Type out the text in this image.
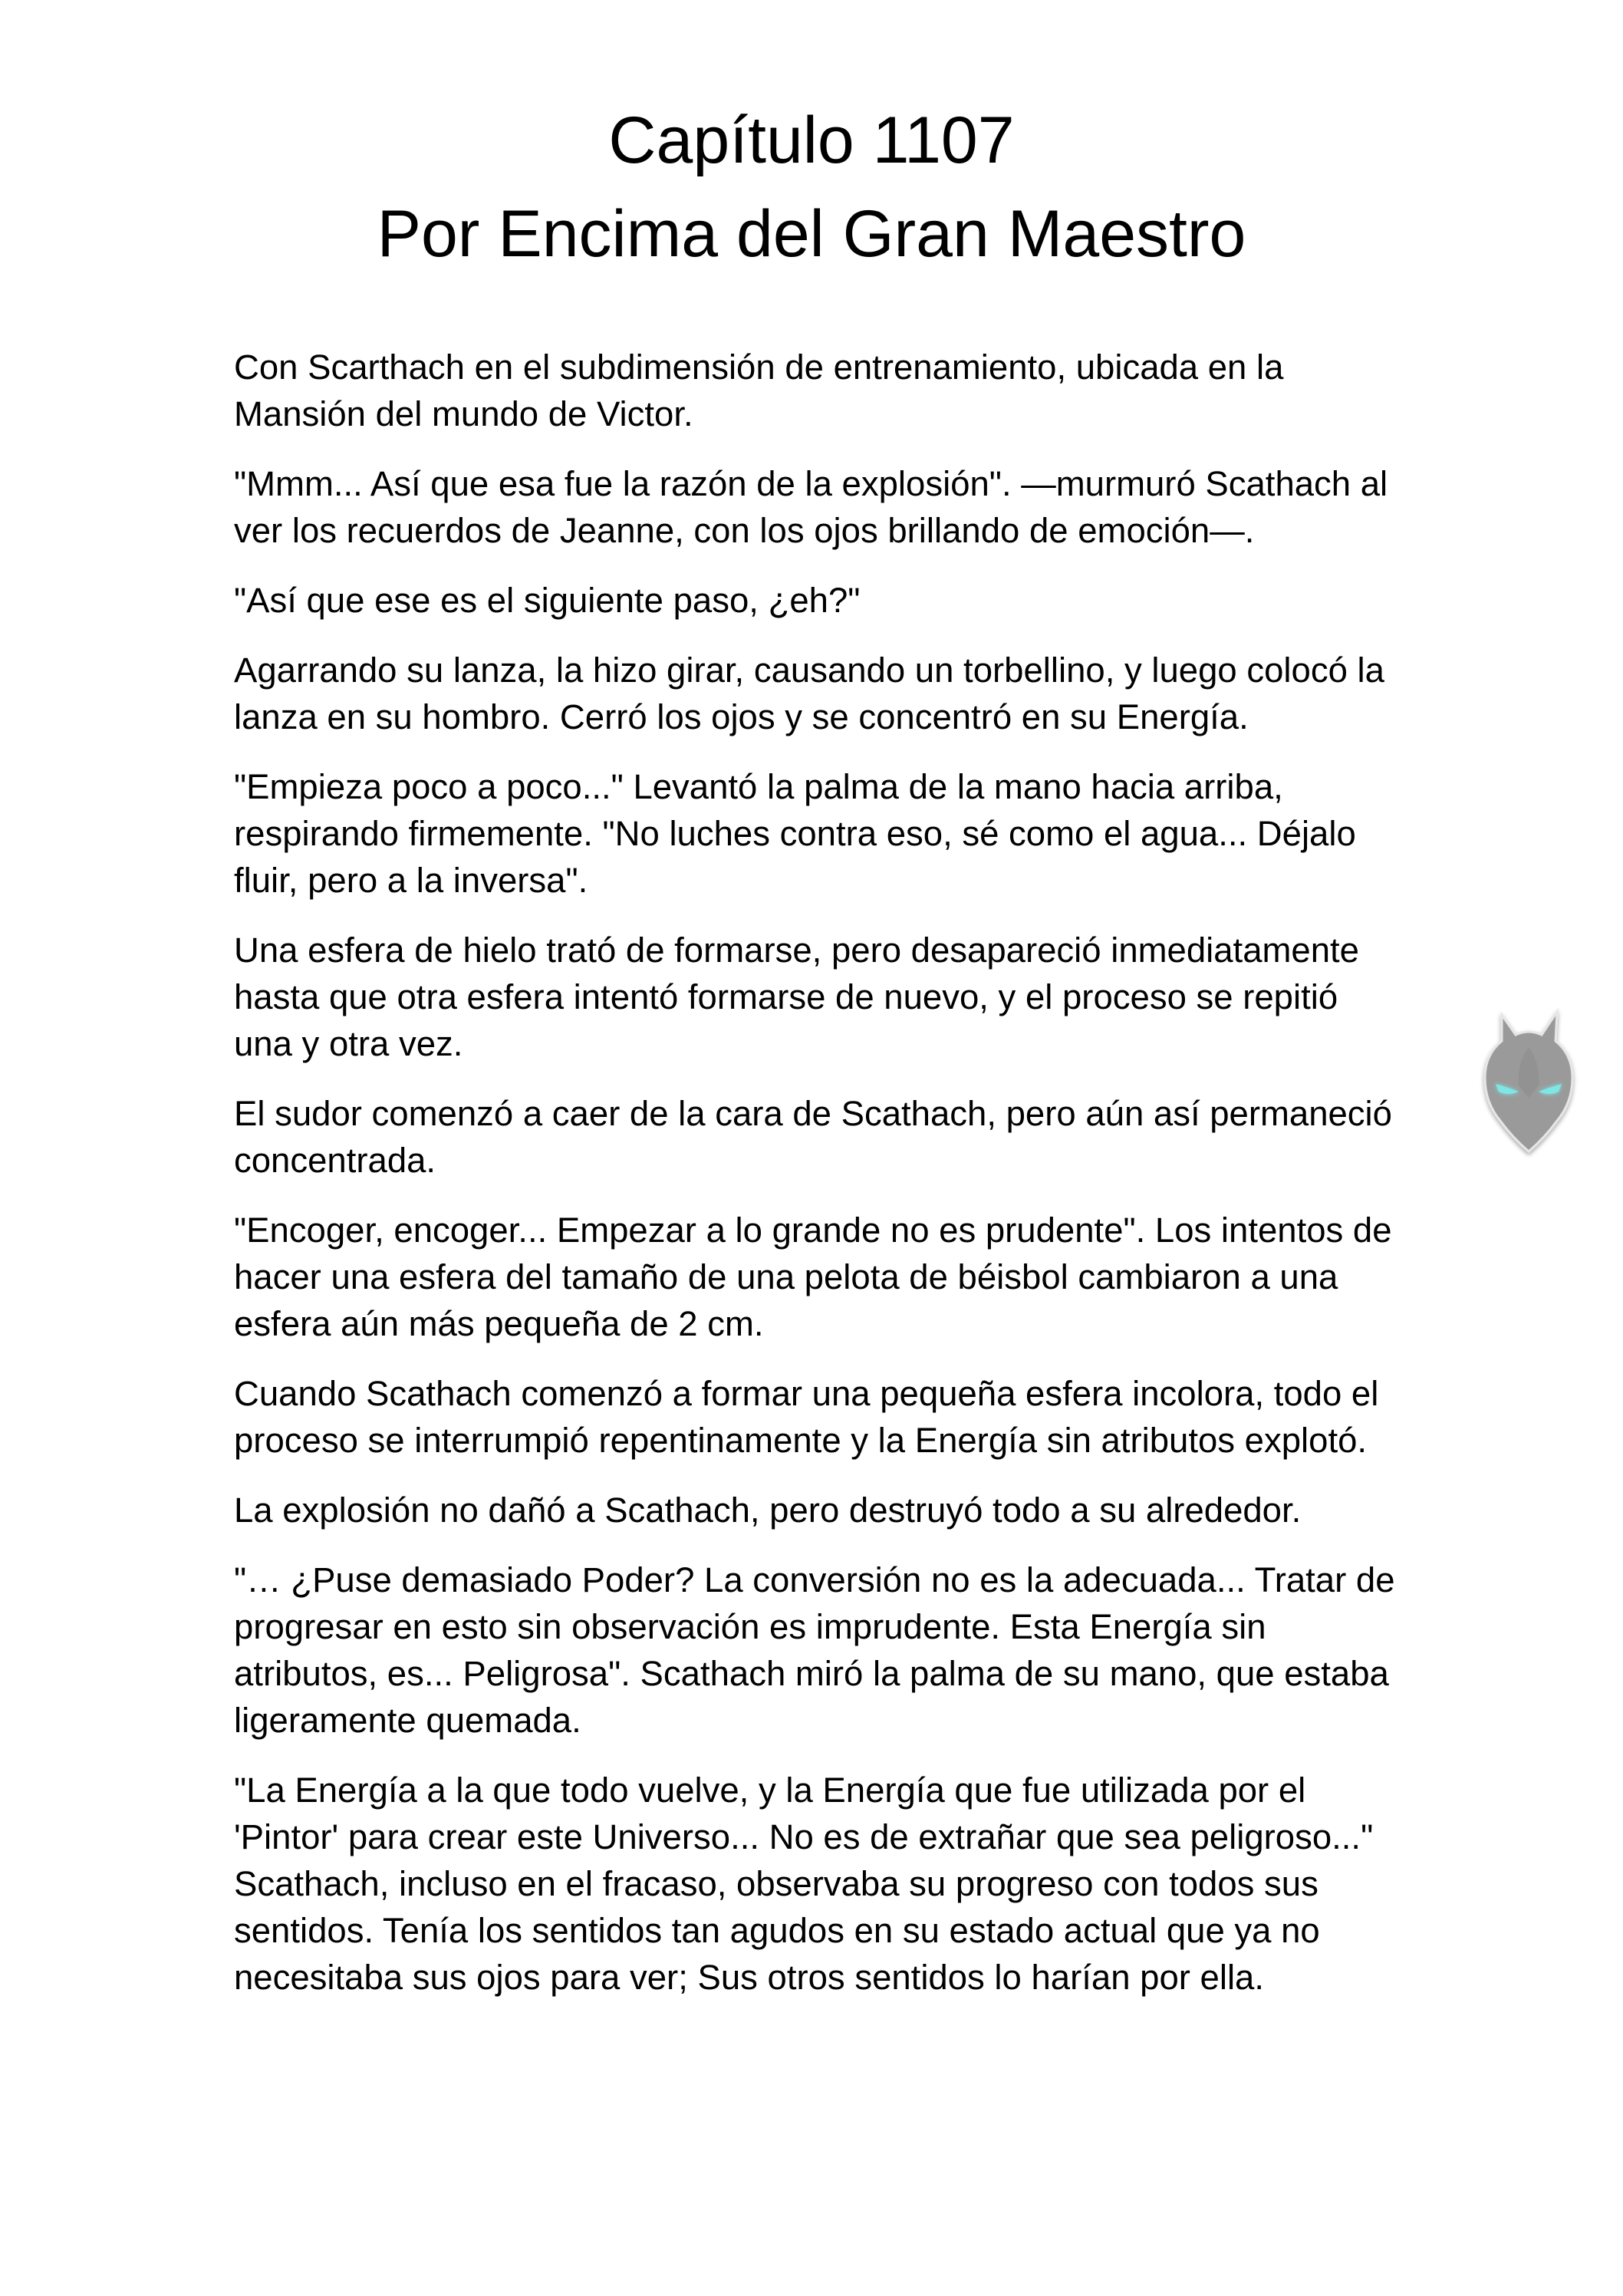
Capítulo 1107
Por Encima del Gran Maestro

Con Scarthach en el subdimensión de entrenamiento, ubicada en la Mansión del mundo de Victor.

"Mmm... Así que esa fue la razón de la explosión". —murmuró Scathach al ver los recuerdos de Jeanne, con los ojos brillando de emoción—.

"Así que ese es el siguiente paso, ¿eh?"

Agarrando su lanza, la hizo girar, causando un torbellino, y luego colocó la lanza en su hombro. Cerró los ojos y se concentró en su Energía.

"Empieza poco a poco..." Levantó la palma de la mano hacia arriba, respirando firmemente. "No luches contra eso, sé como el agua... Déjalo fluir, pero a la inversa".

Una esfera de hielo trató de formarse, pero desapareció inmediatamente hasta que otra esfera intentó formarse de nuevo, y el proceso se repitió una y otra vez.

El sudor comenzó a caer de la cara de Scathach, pero aún así permaneció concentrada.

"Encoger, encoger... Empezar a lo grande no es prudente". Los intentos de hacer una esfera del tamaño de una pelota de béisbol cambiaron a una esfera aún más pequeña de 2 cm.

Cuando Scathach comenzó a formar una pequeña esfera incolora, todo el proceso se interrumpió repentinamente y la Energía sin atributos explotó.

La explosión no dañó a Scathach, pero destruyó todo a su alrededor.

"… ¿Puse demasiado Poder? La conversión no es la adecuada... Tratar de progresar en esto sin observación es imprudente. Esta Energía sin atributos, es... Peligrosa". Scathach miró la palma de su mano, que estaba ligeramente quemada.

"La Energía a la que todo vuelve, y la Energía que fue utilizada por el 'Pintor' para crear este Universo... No es de extrañar que sea peligroso..." Scathach, incluso en el fracaso, observaba su progreso con todos sus sentidos. Tenía los sentidos tan agudos en su estado actual que ya no necesitaba sus ojos para ver; Sus otros sentidos lo harían por ella.
